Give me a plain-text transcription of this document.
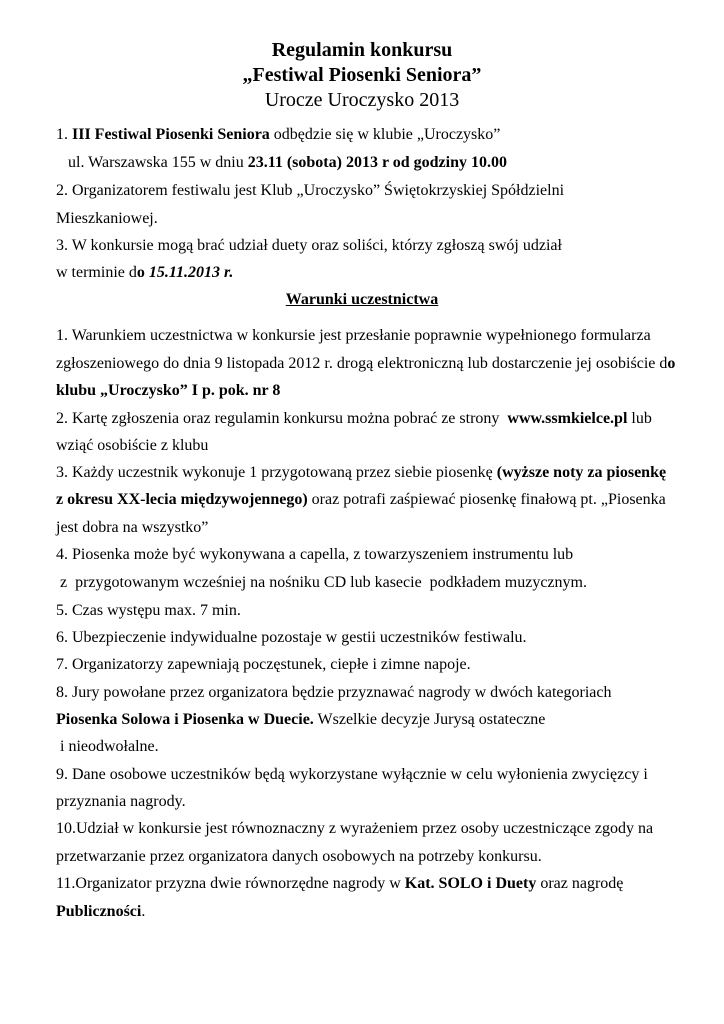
Regulamin konkursu
„Festiwal Piosenki Seniora”
Urocze Uroczysko 2013
1. III Festiwal Piosenki Seniora odbędzie się w klubie „Uroczysko”
ul. Warszawska 155 w dniu 23.11 (sobota) 2013 r od godziny 10.00
2. Organizatorem festiwalu jest Klub „Uroczysko” Świętokrzyskiej Spółdzielni
Mieszkaniowej.
3. W konkursie mogą brać udział duety oraz soliści, którzy zgłoszą swój udział
w terminie do 15.11.2013 r.
Warunki uczestnictwa
1. Warunkiem uczestnictwa w konkursie jest przesłanie poprawnie wypełnionego formularza
zgłoszeniowego do dnia 9 listopada 2012 r. drogą elektroniczną lub dostarczenie jej osobiście do
klubu „Uroczysko” I p. pok. nr 8
2. Kartę zgłoszenia oraz regulamin konkursu można pobrać ze strony  www.ssmkielce.pl lub
wziąć osobiście z klubu
3. Każdy uczestnik wykonuje 1 przygotowaną przez siebie piosenkę (wyższe noty za piosenkę
z okresu XX-lecia międzywojennego) oraz potrafi zaśpiewać piosenkę finałową pt. „Piosenka
jest dobra na wszystko”
4. Piosenka może być wykonywana a capella, z towarzyszeniem instrumentu lub
z  przygotowanym wcześniej na nośniku CD lub kasecie  podkładem muzycznym.
5. Czas występu max. 7 min.
6. Ubezpieczenie indywidualne pozostaje w gestii uczestników festiwalu.
7. Organizatorzy zapewniają poczęstunek, ciepłe i zimne napoje.
8. Jury powołane przez organizatora będzie przyznawać nagrody w dwóch kategoriach
Piosenka Solowa i Piosenka w Duecie. Wszelkie decyzje Jurysą ostateczne
i nieodwołalne.
9. Dane osobowe uczestników będą wykorzystane wyłącznie w celu wyłonienia zwycięzcy i
przyznania nagrody.
10.Udział w konkursie jest równoznaczny z wyrażeniem przez osoby uczestniczące zgody na
przetwarzanie przez organizatora danych osobowych na potrzeby konkursu.
11.Organizator przyzna dwie równorzędne nagrody w Kat. SOLO i Duety oraz nagrodę
Publiczności.
